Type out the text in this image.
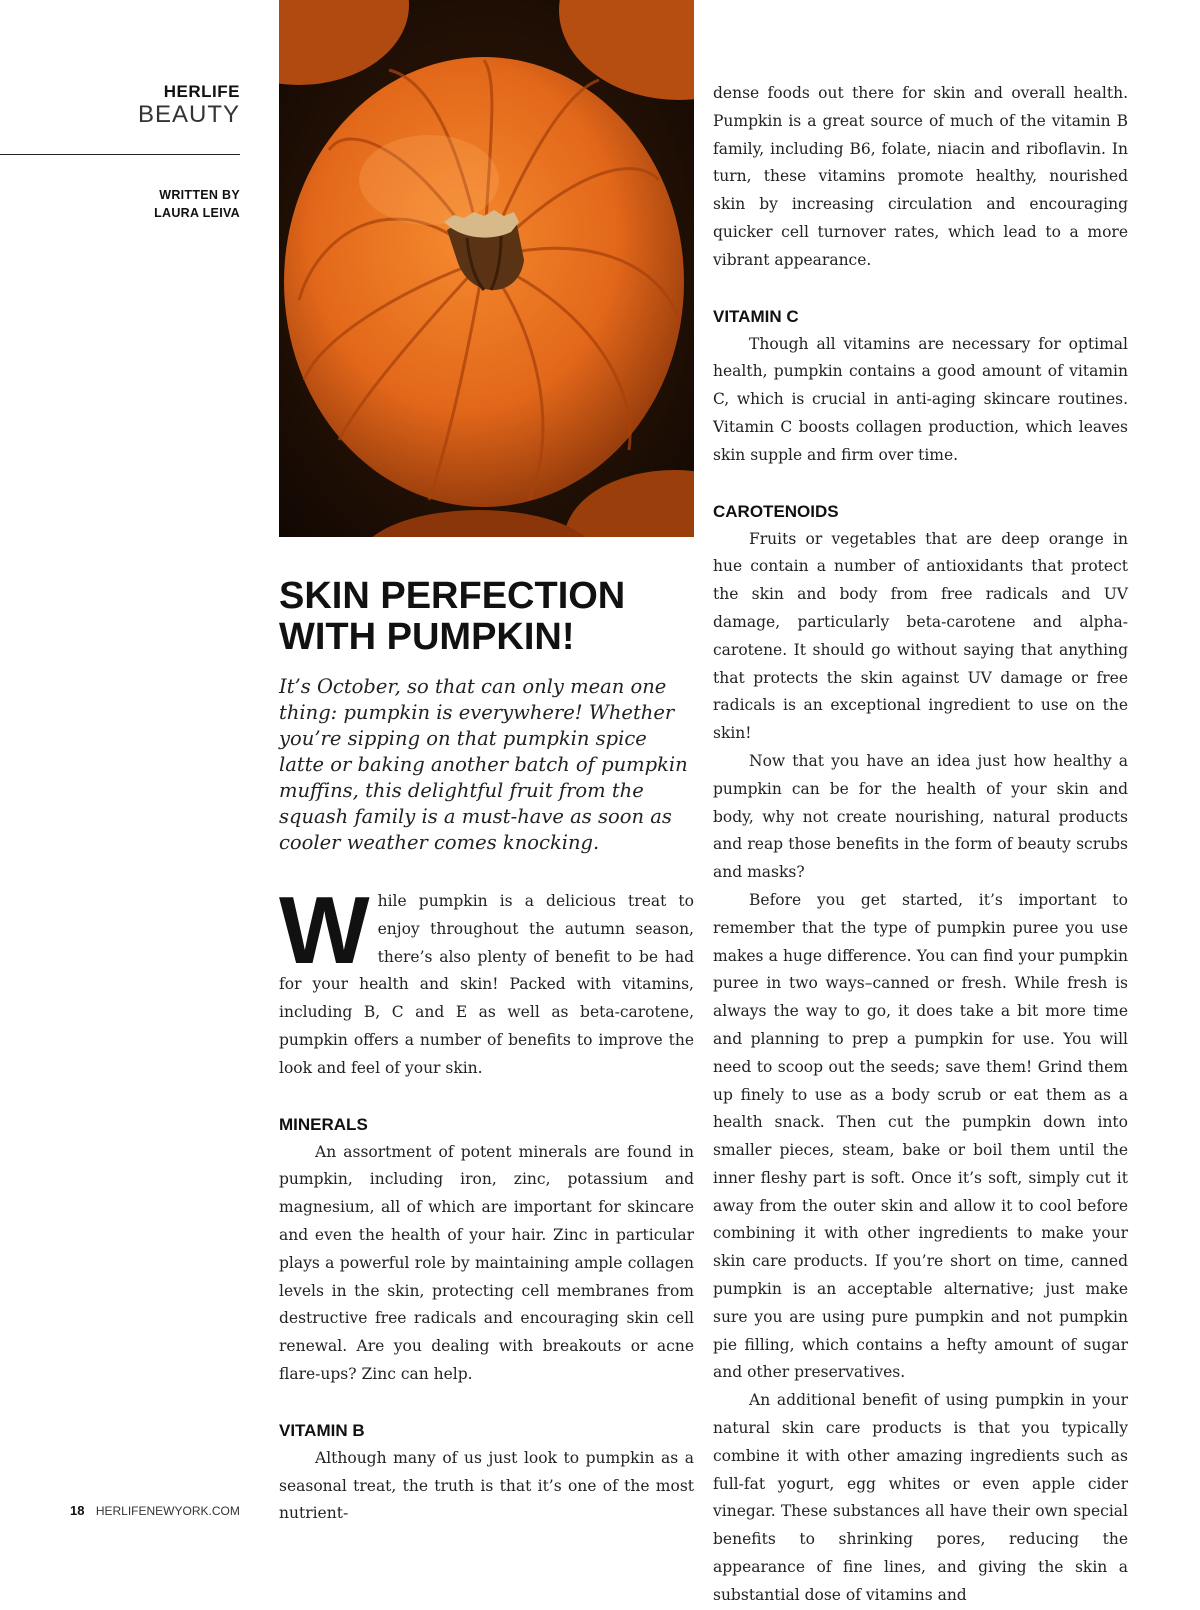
HERLIFE
BEAUTY
WRITTEN BY
LAURA LEIVA
SKIN PERFECTION
WITH PUMPKIN!

It’s October, so that can only mean one thing: pumpkin is everywhere! Whether you’re sipping on that pumpkin spice latte or baking another batch of pumpkin muffins, this delightful fruit from the squash family is a must-have as soon as cooler weather comes knocking.

While pumpkin is a delicious treat to enjoy throughout the autumn season, there’s also plenty of benefit to be had for your health and skin! Packed with vitamins, including B, C and E as well as beta-carotene, pumpkin offers a number of benefits to improve the look and feel of your skin.

MINERALS

An assortment of potent minerals are found in pumpkin, including iron, zinc, potassium and magnesium, all of which are important for skincare and even the health of your hair. Zinc in particular plays a powerful role by maintaining ample collagen levels in the skin, protecting cell membranes from destructive free radicals and encouraging skin cell renewal. Are you dealing with breakouts or acne flare-ups? Zinc can help.

VITAMIN B

Although many of us just look to pumpkin as a seasonal treat, the truth is that it’s one of the most nutrient-

dense foods out there for skin and overall health. Pumpkin is a great source of much of the vitamin B family, including B6, folate, niacin and riboflavin. In turn, these vitamins promote healthy, nourished skin by increasing circulation and encouraging quicker cell turnover rates, which lead to a more vibrant appearance.

VITAMIN C

Though all vitamins are necessary for optimal health, pumpkin contains a good amount of vitamin C, which is crucial in anti-aging skincare routines. Vitamin C boosts collagen production, which leaves skin supple and firm over time.

CAROTENOIDS

Fruits or vegetables that are deep orange in hue contain a number of antioxidants that protect the skin and body from free radicals and UV damage, particularly beta-carotene and alpha-carotene. It should go without saying that anything that protects the skin against UV damage or free radicals is an exceptional ingredient to use on the skin!

Now that you have an idea just how healthy a pumpkin can be for the health of your skin and body, why not create nourishing, natural products and reap those benefits in the form of beauty scrubs and masks?

Before you get started, it’s important to remember that the type of pumpkin puree you use makes a huge difference. You can find your pumpkin puree in two ways–canned or fresh. While fresh is always the way to go, it does take a bit more time and planning to prep a pumpkin for use. You will need to scoop out the seeds; save them! Grind them up finely to use as a body scrub or eat them as a health snack. Then cut the pumpkin down into smaller pieces, steam, bake or boil them until the inner fleshy part is soft. Once it’s soft, simply cut it away from the outer skin and allow it to cool before combining it with other ingredients to make your skin care products. If you’re short on time, canned pumpkin is an acceptable alternative; just make sure you are using pure pumpkin and not pumpkin pie filling, which contains a hefty amount of sugar and other preservatives.

An additional benefit of using pumpkin in your natural skin care products is that you typically combine it with other amazing ingredients such as full-fat yogurt, egg whites or even apple cider vinegar. These substances all have their own special benefits to shrinking pores, reducing the appearance of fine lines, and giving the skin a substantial dose of vitamins and

18 HERLIFENEWYORK.COM
